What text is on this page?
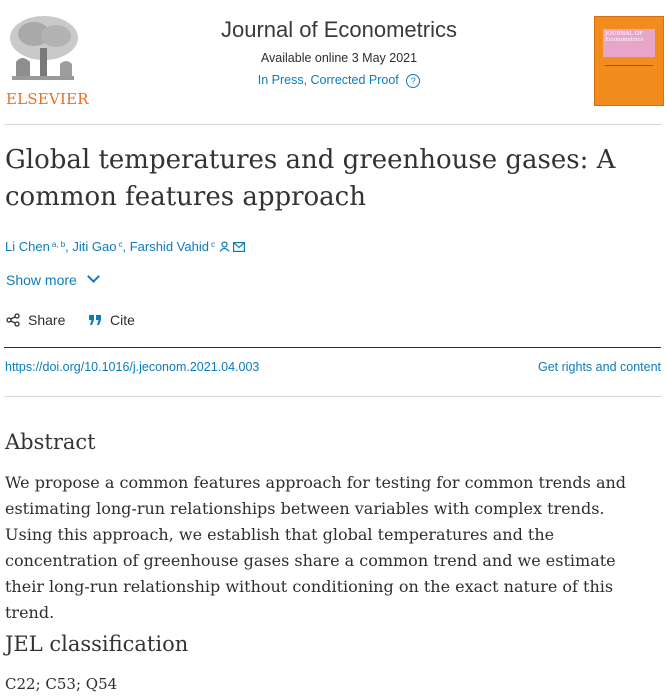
ELSEVIER
Journal of Econometrics
Available online 3 May 2021
In Press, Corrected Proof ?
JOURNAL OF Econometrics
Global temperatures and greenhouse gases: A common features approach
Li Chen $^{a, b}$, Jiti Gao $^c$, Farshid Vahid $^c$
Show more
Share	Cite
https://doi.org/10.1016/j.jeconom.2021.04.003	Get rights and content
Abstract

We propose a common features approach for testing for common trends and estimating long-run relationships between variables with complex trends. Using this approach, we establish that global temperatures and the concentration of greenhouse gases share a common trend and we estimate their long-run relationship without conditioning on the exact nature of this trend.

JEL classification
C22; C53; Q54
